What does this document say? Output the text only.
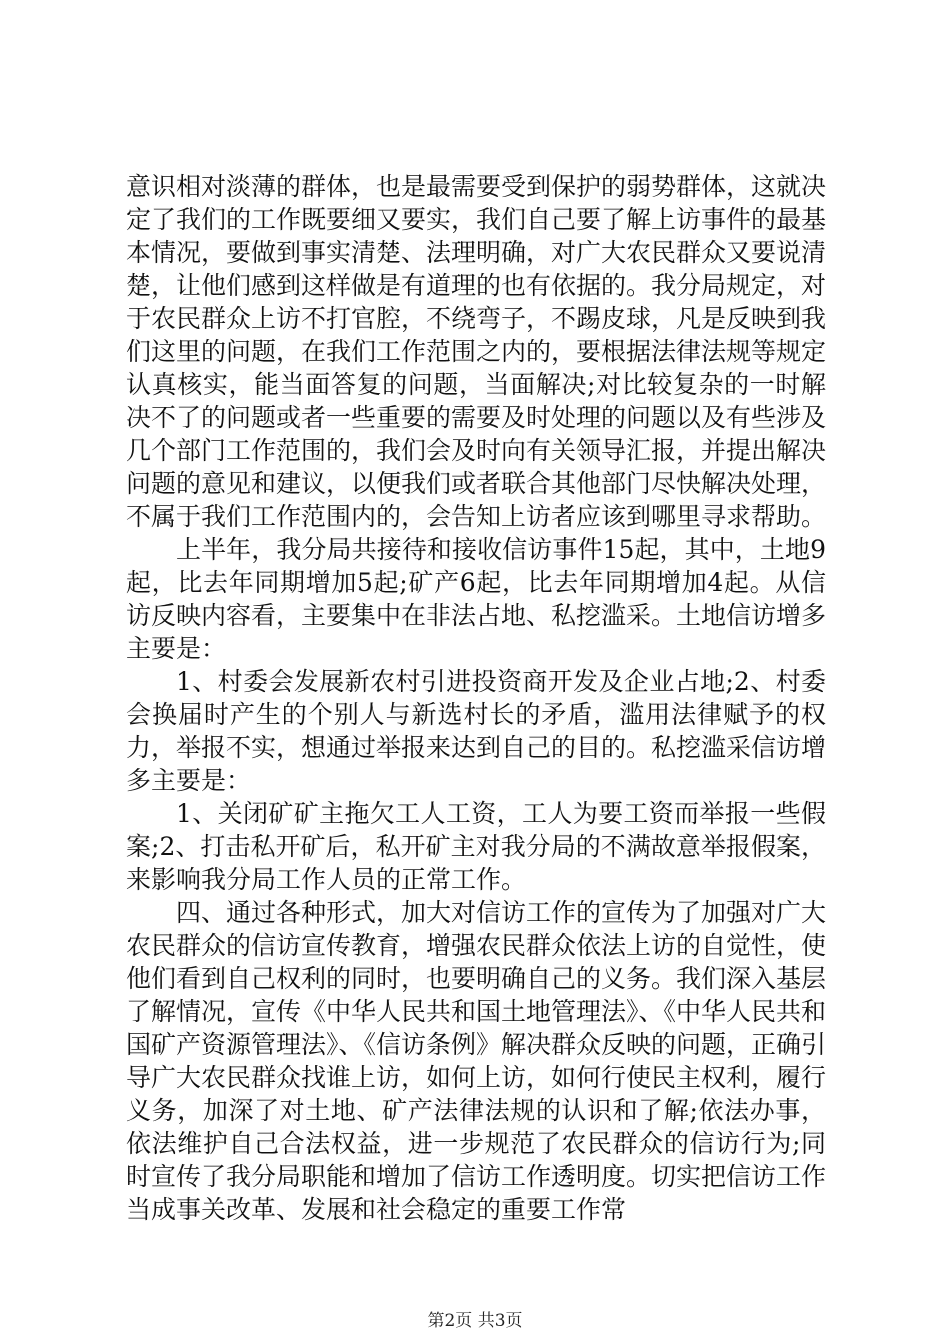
意识相对淡薄的群体，也是最需要受到保护的弱势群体，这就决定了我们的工作既要细又要实，我们自己要了解上访事件的最基本情况，要做到事实清楚、法理明确，对广大农民群众又要说清楚，让他们感到这样做是有道理的也有依据的。我分局规定，对于农民群众上访不打官腔，不绕弯子，不踢皮球，凡是反映到我们这里的问题，在我们工作范围之内的，要根据法律法规等规定认真核实，能当面答复的问题，当面解决;对比较复杂的一时解决不了的问题或者一些重要的需要及时处理的问题以及有些涉及几个部门工作范围的，我们会及时向有关领导汇报，并提出解决问题的意见和建议，以便我们或者联合其他部门尽快解决处理，不属于我们工作范围内的，会告知上访者应该到哪里寻求帮助。

上半年，我分局共接待和接收信访事件15起，其中，土地9起，比去年同期增加5起;矿产6起，比去年同期增加4起。从信访反映内容看，主要集中在非法占地、私挖滥采。土地信访增多主要是：

1、村委会发展新农村引进投资商开发及企业占地;2、村委会换届时产生的个别人与新选村长的矛盾，滥用法律赋予的权力，举报不实，想通过举报来达到自己的目的。私挖滥采信访增多主要是：

1、关闭矿矿主拖欠工人工资，工人为要工资而举报一些假案;2、打击私开矿后，私开矿主对我分局的不满故意举报假案，来影响我分局工作人员的正常工作。

四、通过各种形式，加大对信访工作的宣传为了加强对广大农民群众的信访宣传教育，增强农民群众依法上访的自觉性，使他们看到自己权利的同时，也要明确自己的义务。我们深入基层了解情况，宣传《中华人民共和国土地管理法》、《中华人民共和国矿产资源管理法》、《信访条例》解决群众反映的问题，正确引导广大农民群众找谁上访，如何上访，如何行使民主权利，履行义务，加深了对土地、矿产法律法规的认识和了解;依法办事，依法维护自己合法权益，进一步规范了农民群众的信访行为;同时宣传了我分局职能和增加了信访工作透明度。切实把信访工作当成事关改革、发展和社会稳定的重要工作常

第2页 共3页
